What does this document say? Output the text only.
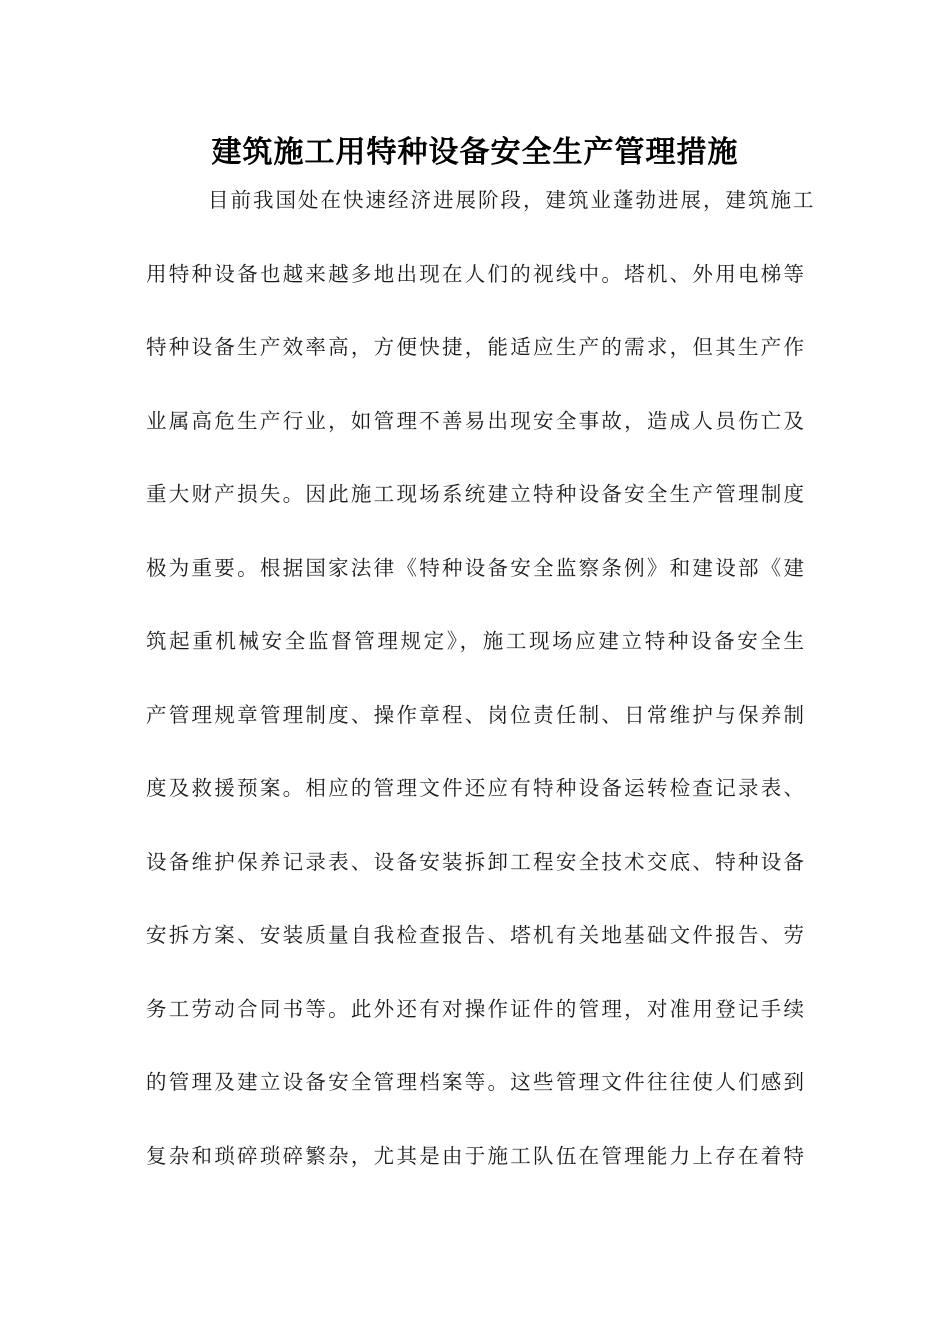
建筑施工用特种设备安全生产管理措施
目前我国处在快速经济进展阶段，建筑业蓬勃进展，建筑施工
用特种设备也越来越多地出现在人们的视线中。塔机、外用电梯等
特种设备生产效率高，方便快捷，能适应生产的需求，但其生产作
业属高危生产行业，如管理不善易出现安全事故，造成人员伤亡及
重大财产损失。因此施工现场系统建立特种设备安全生产管理制度
极为重要。根据国家法律《特种设备安全监察条例》和建设部《建
筑起重机械安全监督管理规定》，施工现场应建立特种设备安全生
产管理规章管理制度、操作章程、岗位责任制、日常维护与保养制
度及救援预案。相应的管理文件还应有特种设备运转检查记录表、
设备维护保养记录表、设备安装拆卸工程安全技术交底、特种设备
安拆方案、安装质量自我检查报告、塔机有关地基础文件报告、劳
务工劳动合同书等。此外还有对操作证件的管理，对准用登记手续
的管理及建立设备安全管理档案等。这些管理文件往往使人们感到
复杂和琐碎琐碎繁杂，尤其是由于施工队伍在管理能力上存在着特
